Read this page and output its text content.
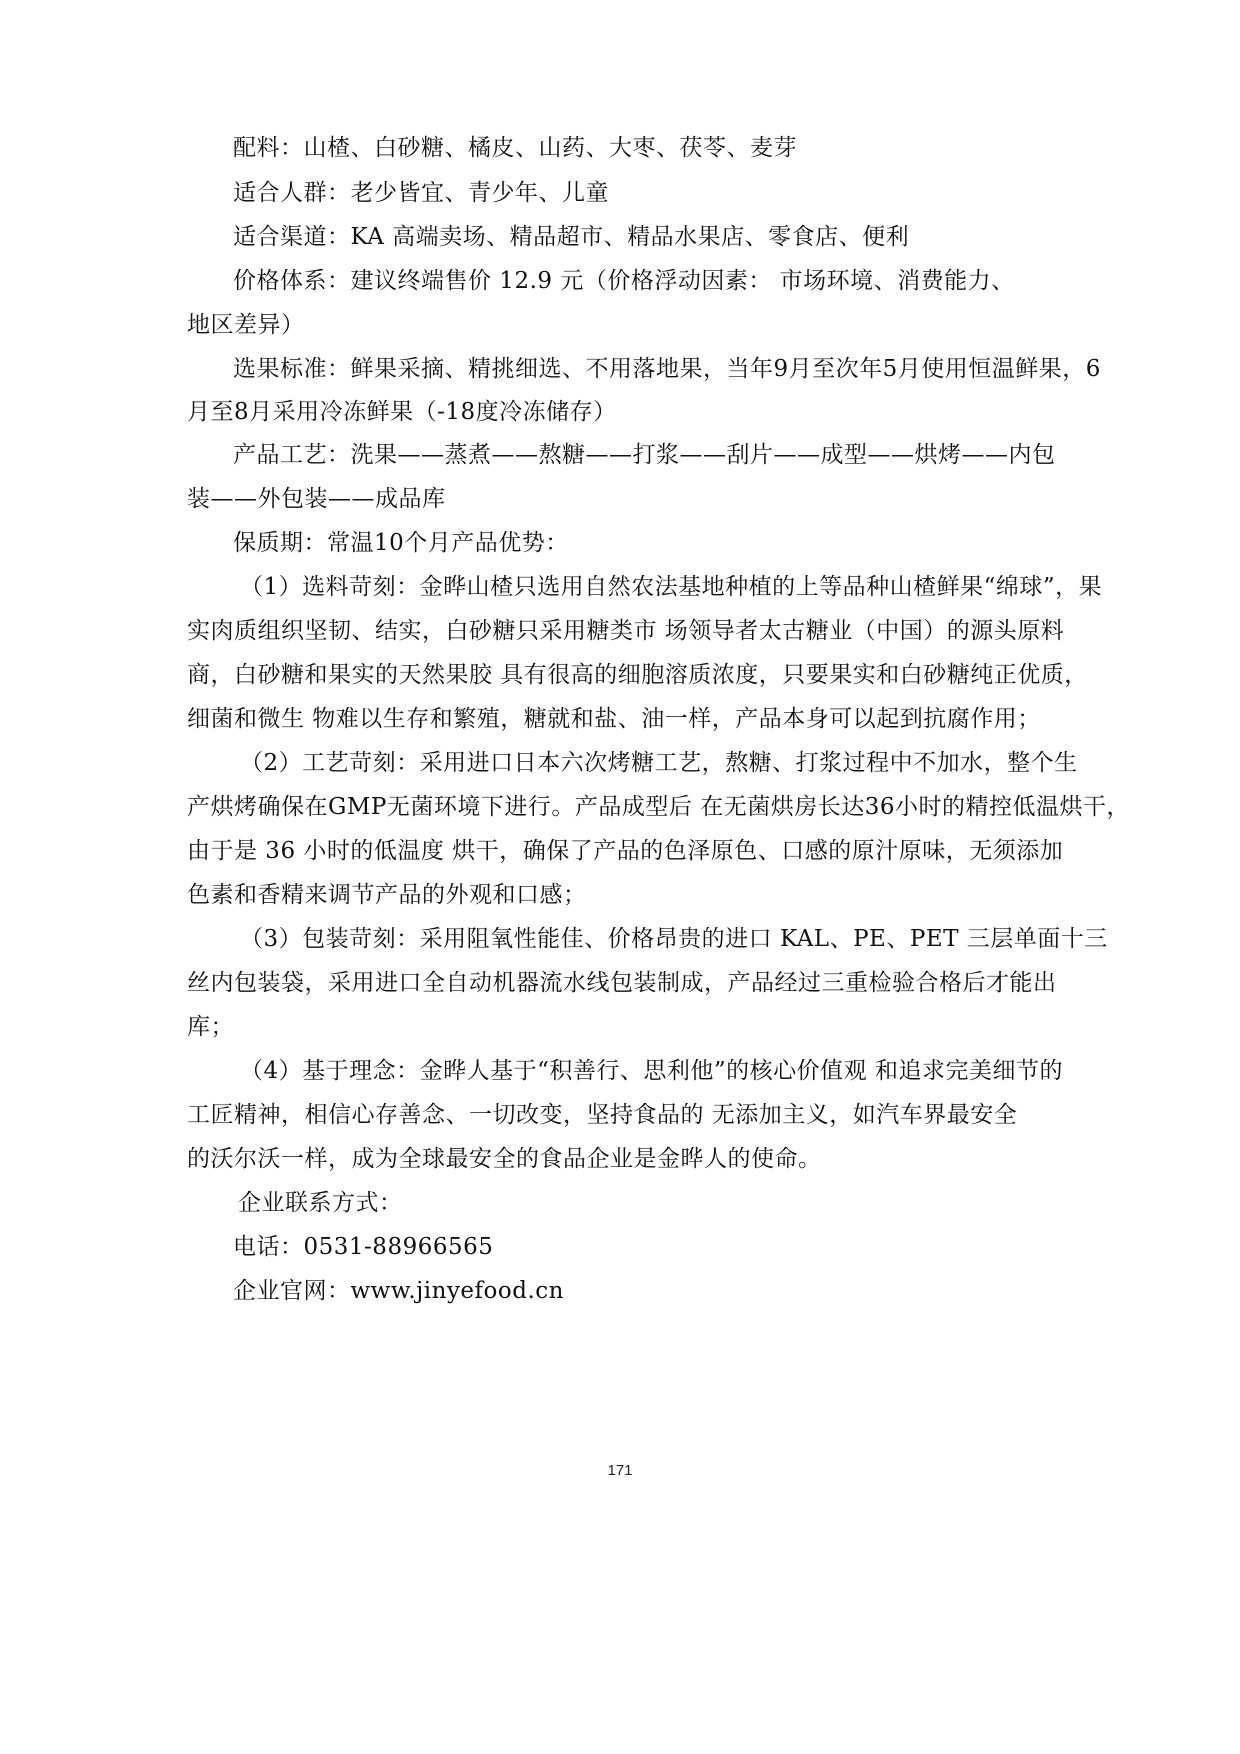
配料：山楂、白砂糖、橘皮、山药、大枣、茯苓、麦芽
适合人群：老少皆宜、青少年、儿童
适合渠道：KA 高端卖场、精品超市、精品水果店、零食店、便利
价格体系：建议终端售价 12.9 元（价格浮动因素： 市场环境、消费能力、
地区差异）
选果标准：鲜果采摘、精挑细选、不用落地果，当年9月至次年5月使用恒温鲜果，6
月至8月采用冷冻鲜果（-18度冷冻储存）
产品工艺：洗果——蒸煮——熬糖——打浆——刮片——成型——烘烤——内包
装——外包装——成品库
保质期：常温10个月产品优势：
（1）选料苛刻：金晔山楂只选用自然农法基地种植的上等品种山楂鲜果“绵球”，果
实肉质组织坚韧、结实，白砂糖只采用糖类市 场领导者太古糖业（中国）的源头原料
商，白砂糖和果实的天然果胶 具有很高的细胞溶质浓度，只要果实和白砂糖纯正优质，
细菌和微生 物难以生存和繁殖，糖就和盐、油一样，产品本身可以起到抗腐作用；
（2）工艺苛刻：采用进口日本六次烤糖工艺，熬糖、打浆过程中不加水，整个生
产烘烤确保在GMP无菌环境下进行。产品成型后 在无菌烘房长达36小时的精控低温烘干，
由于是 36 小时的低温度 烘干，确保了产品的色泽原色、口感的原汁原味，无须添加
色素和香精来调节产品的外观和口感；
（3）包装苛刻：采用阻氧性能佳、价格昂贵的进口 KAL、PE、PET 三层单面十三
丝内包装袋，采用进口全自动机器流水线包装制成，产品经过三重检验合格后才能出
库；
（4）基于理念：金晔人基于“积善行、思利他”的核心价值观 和追求完美细节的
工匠精神，相信心存善念、一切改变，坚持食品的 无添加主义，如汽车界最安全
的沃尔沃一样，成为全球最安全的食品企业是金晔人的使命。
企业联系方式：
电话：0531-88966565
企业官网：www.jinyefood.cn
171
